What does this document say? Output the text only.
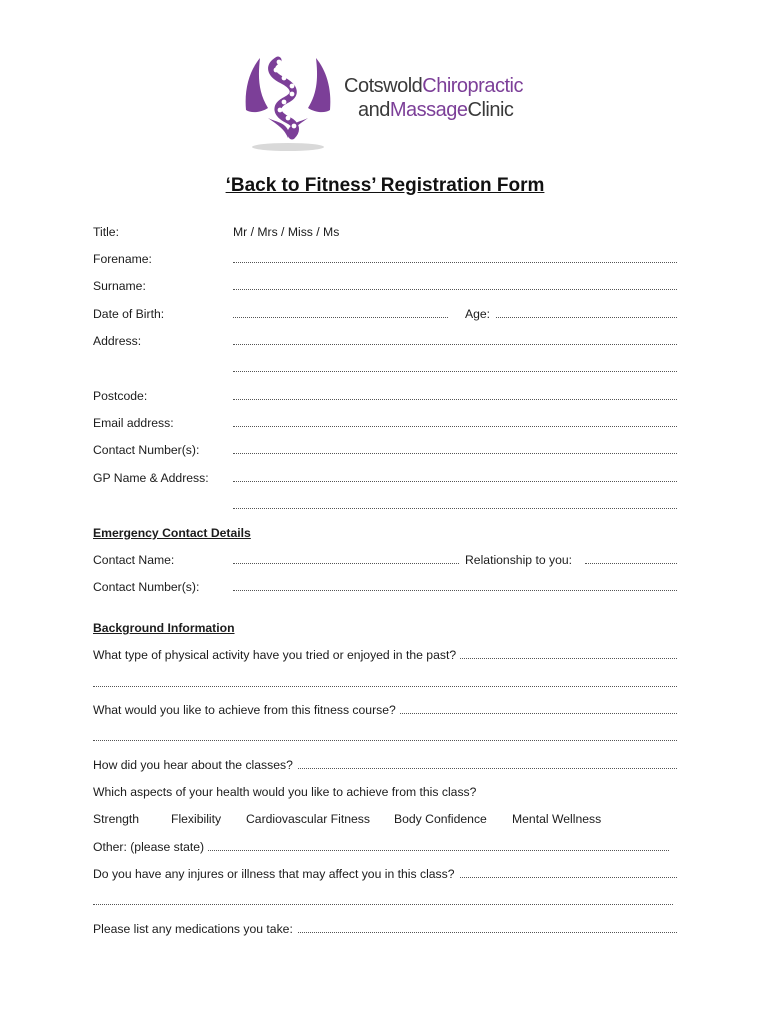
CotswoldChiropractic
andMassageClinic
‘Back to Fitness’ Registration Form
Title:	Mr / Mrs / Miss / Ms
Forename:
Surname:
Date of Birth:	Age:
Address:
Postcode:
Email address:
Contact Number(s):
GP Name & Address:
Emergency Contact Details
Contact Name:	Relationship to you:
Contact Number(s):
Background Information
What type of physical activity have you tried or enjoyed in the past?
What would you like to achieve from this fitness course?
How did you hear about the classes?
Which aspects of your health would you like to achieve from this class?
Strength	Flexibility Cardiovascular Fitness Body Confidence Mental Wellness
Other: (please state)
Do you have any injures or illness that may affect you in this class?
Please list any medications you take:
